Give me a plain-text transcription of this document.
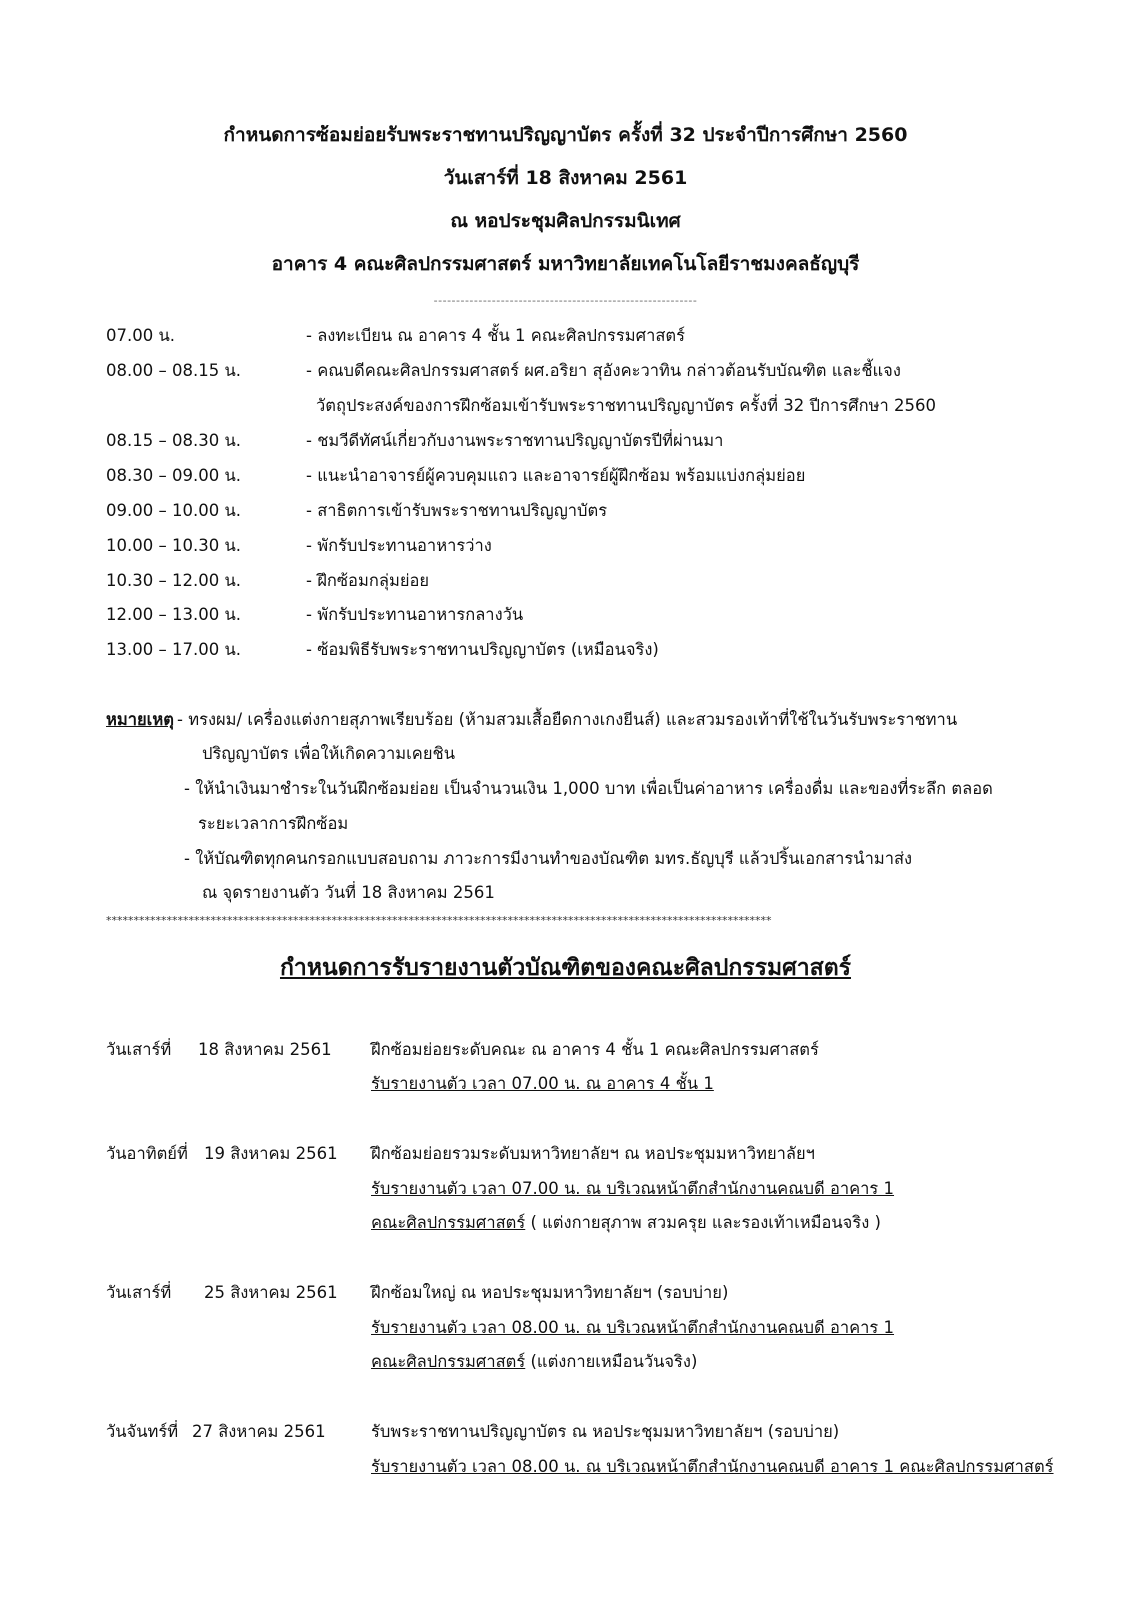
กำหนดการซ้อมย่อยรับพระราชทานปริญญาบัตร ครั้งที่ 32 ประจำปีการศึกษา 2560
วันเสาร์ที่ 18 สิงหาคม 2561
ณ หอประชุมศิลปกรรมนิเทศ
อาคาร 4 คณะศิลปกรรมศาสตร์ มหาวิทยาลัยเทคโนโลยีราชมงคลธัญบุรี
-----------------------------------------------------------
07.00 น.	- ลงทะเบียน ณ อาคาร 4 ชั้น 1 คณะศิลปกรรมศาสตร์
08.00 – 08.15 น.	- คณบดีคณะศิลปกรรมศาสตร์ ผศ.อริยา สุอังคะวาทิน กล่าวต้อนรับบัณฑิต และชี้แจง
วัตถุประสงค์ของการฝึกซ้อมเข้ารับพระราชทานปริญญาบัตร ครั้งที่ 32 ปีการศึกษา 2560
08.15 – 08.30 น.	- ชมวีดีทัศน์เกี่ยวกับงานพระราชทานปริญญาบัตรปีที่ผ่านมา
08.30 – 09.00 น.	- แนะนำอาจารย์ผู้ควบคุมแถว และอาจารย์ผู้ฝึกซ้อม พร้อมแบ่งกลุ่มย่อย
09.00 – 10.00 น.	- สาธิตการเข้ารับพระราชทานปริญญาบัตร
10.00 – 10.30 น.	- พักรับประทานอาหารว่าง
10.30 – 12.00 น.	- ฝึกซ้อมกลุ่มย่อย
12.00 – 13.00 น.	- พักรับประทานอาหารกลางวัน
13.00 – 17.00 น.	- ซ้อมพิธีรับพระราชทานปริญญาบัตร (เหมือนจริง)
หมายเหตุ - ทรงผม/ เครื่องแต่งกายสุภาพเรียบร้อย (ห้ามสวมเสื้อยืดกางเกงยีนส์) และสวมรองเท้าที่ใช้ในวันรับพระราชทาน
ปริญญาบัตร เพื่อให้เกิดความเคยชิน
- ให้นำเงินมาชำระในวันฝึกซ้อมย่อย เป็นจำนวนเงิน 1,000 บาท เพื่อเป็นค่าอาหาร เครื่องดื่ม และของที่ระลึก ตลอด
ระยะเวลาการฝึกซ้อม
- ให้บัณฑิตทุกคนกรอกแบบสอบถาม ภาวะการมีงานทำของบัณฑิต มทร.ธัญบุรี แล้วปริ้นเอกสารนำมาส่ง
ณ จุดรายงานตัว วันที่ 18 สิงหาคม 2561
*************************************************************************************************************************
กำหนดการรับรายงานตัวบัณฑิตของคณะศิลปกรรมศาสตร์
วันเสาร์ที่ 18 สิงหาคม 2561 ฝึกซ้อมย่อยระดับคณะ ณ อาคาร 4 ชั้น 1 คณะศิลปกรรมศาสตร์
รับรายงานตัว เวลา 07.00 น. ณ อาคาร 4 ชั้น 1
วันอาทิตย์ที่ 19 สิงหาคม 2561 ฝึกซ้อมย่อยรวมระดับมหาวิทยาลัยฯ ณ หอประชุมมหาวิทยาลัยฯ
รับรายงานตัว เวลา 07.00 น. ณ บริเวณหน้าตึกสำนักงานคณบดี อาคาร 1
คณะศิลปกรรมศาสตร์ ( แต่งกายสุภาพ สวมครุย และรองเท้าเหมือนจริง )
วันเสาร์ที่ 25 สิงหาคม 2561 ฝึกซ้อมใหญ่ ณ หอประชุมมหาวิทยาลัยฯ (รอบบ่าย)
รับรายงานตัว เวลา 08.00 น. ณ บริเวณหน้าตึกสำนักงานคณบดี อาคาร 1
คณะศิลปกรรมศาสตร์ (แต่งกายเหมือนวันจริง)
วันจันทร์ที่ 27 สิงหาคม 2561	รับพระราชทานปริญญาบัตร ณ หอประชุมมหาวิทยาลัยฯ (รอบบ่าย)
รับรายงานตัว เวลา 08.00 น. ณ บริเวณหน้าตึกสำนักงานคณบดี อาคาร 1 คณะศิลปกรรมศาสตร์
